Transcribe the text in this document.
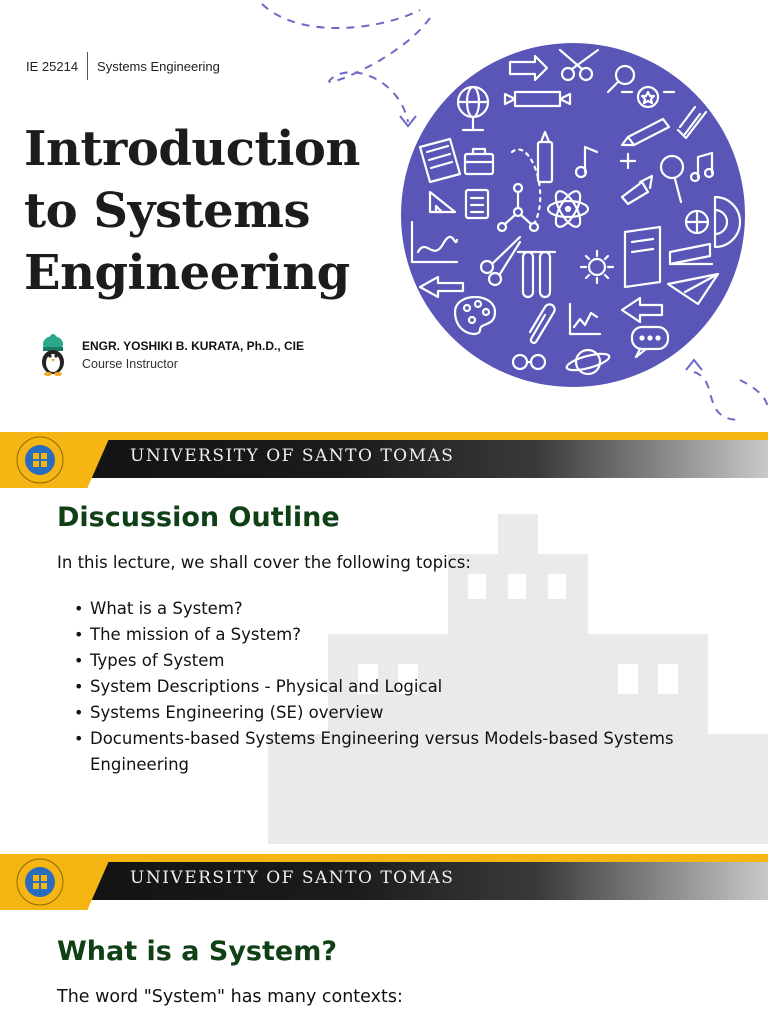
IE 25214 Systems Engineering
Introduction
to Systems
Engineering
ENGR. YOSHIKI B. KURATA, Ph.D., CIE
Course Instructor
UNIVERSITY OF SANTO TOMAS
Discussion Outline

In this lecture, we shall cover the following topics:

• What is a System?
• The mission of a System?
• Types of System
• System Descriptions - Physical and Logical
• Systems Engineering (SE) overview
• Documents-based Systems Engineering versus Models-based Systems Engineering
UNIVERSITY OF SANTO TOMAS
What is a System?

The word "System" has many contexts:
